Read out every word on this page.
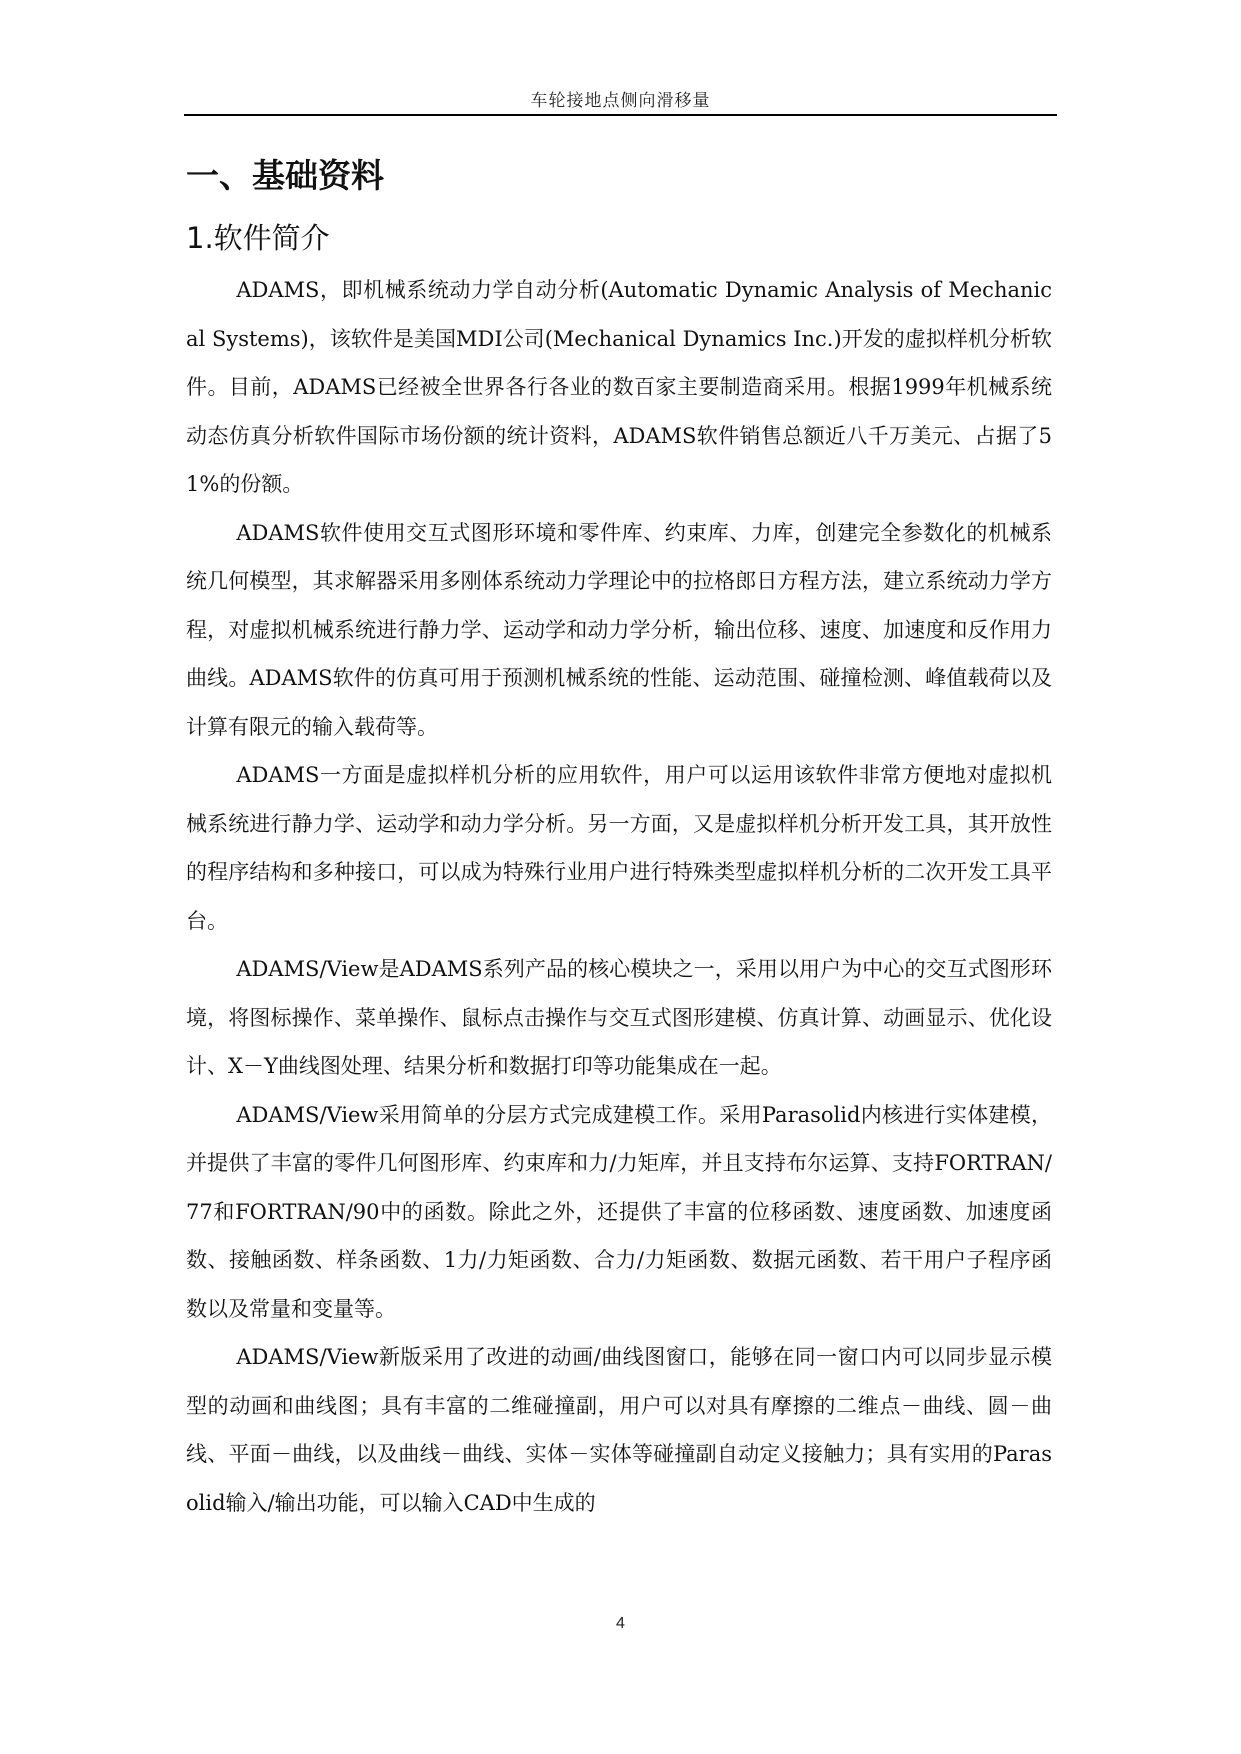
车轮接地点侧向滑移量
一、基础资料
1.软件简介

ADAMS，即机械系统动力学自动分析(Automatic Dynamic Analysis of Mechanical Systems)，该软件是美国MDI公司(Mechanical Dynamics Inc.)开发的虚拟样机分析软件。目前，ADAMS已经被全世界各行各业的数百家主要制造商采用。根据1999年机械系统动态仿真分析软件国际市场份额的统计资料，ADAMS软件销售总额近八千万美元、占据了51%的份额。

ADAMS软件使用交互式图形环境和零件库、约束库、力库，创建完全参数化的机械系统几何模型，其求解器采用多刚体系统动力学理论中的拉格郎日方程方法，建立系统动力学方程，对虚拟机械系统进行静力学、运动学和动力学分析，输出位移、速度、加速度和反作用力曲线。ADAMS软件的仿真可用于预测机械系统的性能、运动范围、碰撞检测、峰值载荷以及计算有限元的输入载荷等。

ADAMS一方面是虚拟样机分析的应用软件，用户可以运用该软件非常方便地对虚拟机械系统进行静力学、运动学和动力学分析。另一方面，又是虚拟样机分析开发工具，其开放性的程序结构和多种接口，可以成为特殊行业用户进行特殊类型虚拟样机分析的二次开发工具平台。

ADAMS/View是ADAMS系列产品的核心模块之一，采用以用户为中心的交互式图形环境，将图标操作、菜单操作、鼠标点击操作与交互式图形建模、仿真计算、动画显示、优化设计、X－Y曲线图处理、结果分析和数据打印等功能集成在一起。

ADAMS/View采用简单的分层方式完成建模工作。采用Parasolid内核进行实体建模，并提供了丰富的零件几何图形库、约束库和力/力矩库，并且支持布尔运算、支持FORTRAN/77和FORTRAN/90中的函数。除此之外，还提供了丰富的位移函数、速度函数、加速度函数、接触函数、样条函数、1力/力矩函数、合力/力矩函数、数据元函数、若干用户子程序函数以及常量和变量等。

ADAMS/View新版采用了改进的动画/曲线图窗口，能够在同一窗口内可以同步显示模型的动画和曲线图；具有丰富的二维碰撞副，用户可以对具有摩擦的二维点－曲线、圆－曲线、平面－曲线，以及曲线－曲线、实体－实体等碰撞副自动定义接触力；具有实用的Parasolid输入/输出功能，可以输入CAD中生成的

4
